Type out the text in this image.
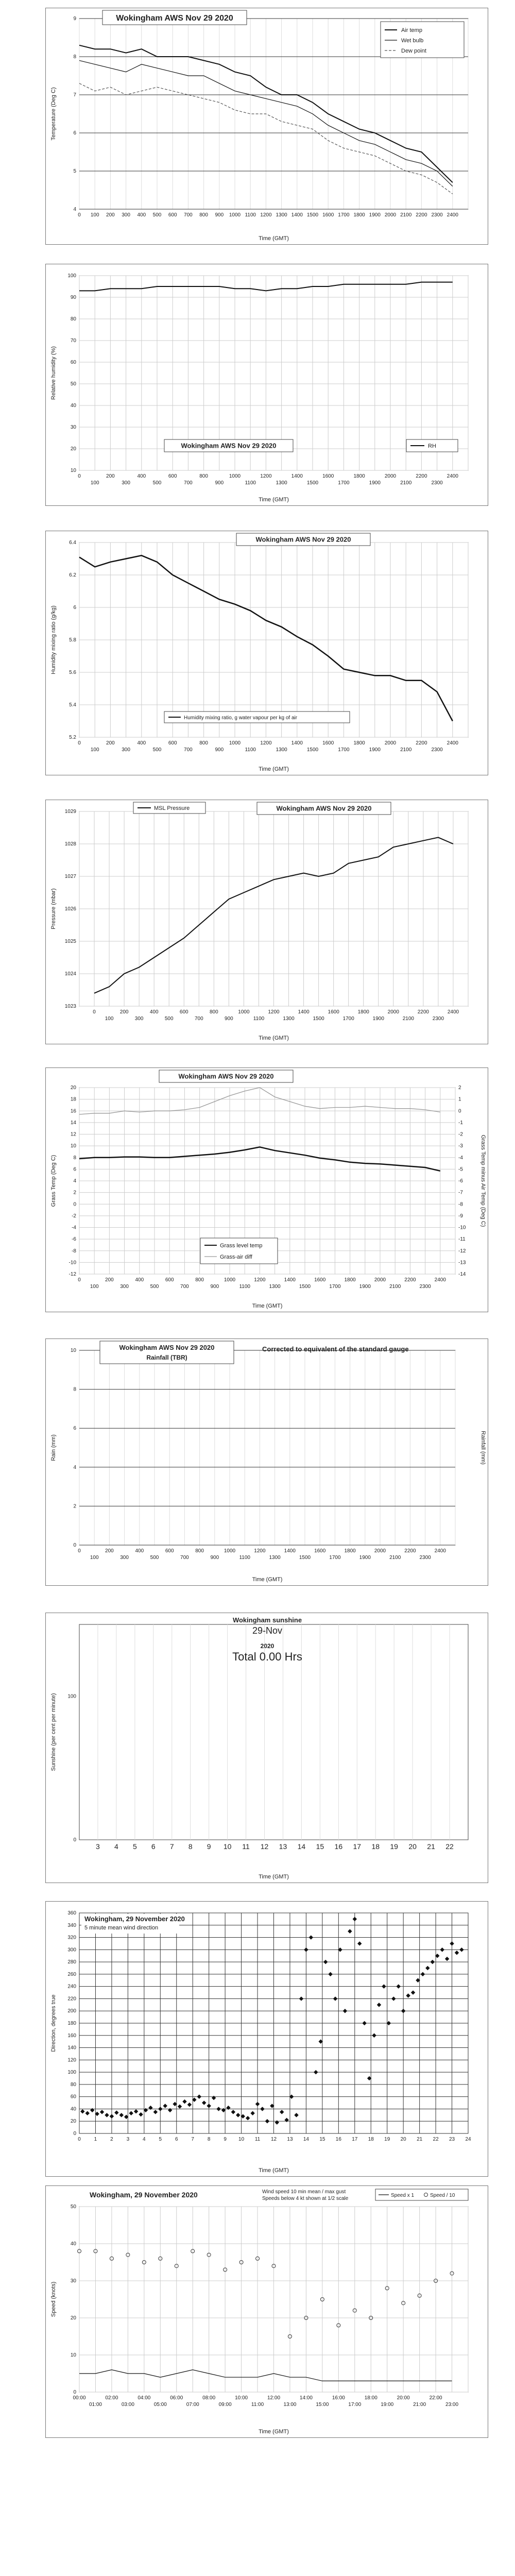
4
5
6
7
8
9
0 100 200 300 400 500 600 700 800 900 1000 1100 1200 1300 1400 1500 1600 1700 1800 1900 2000 2100 2200 2300 2400
Wokingham AWS Nov 29 2020
Air temp
Wet bulb
Dew point
Time (GMT)
Temperature (Deg C)
10
20
30
40
50
60
70
80
90
100
0	200	400	600	800	1000	1200	1400	1600	1800	2000	2200	2400
100	300	500	700	900	1100	1300	1500	1700	1900	2100	2300
Wokingham AWS Nov 29 2020	RH
Time (GMT)
Relative humidity (%)
5.2
5.4
5.6
5.8
6
6.2
6.4
0	200	400	600	800	1000	1200	1400	1600	1800	2000	2200	2400
100	300	500	700	900	1100	1300	1500	1700	1900	2100	2300
Wokingham AWS Nov 29 2020
Humidity mixing ratio, g water vapour per kg of air
Time (GMT)
Humidity mixing ratio (g/kg)
1023
1024
1025
1026
1027
1028
1029
0	200	400	600	800	1000	1200	1400	1600	1800	2000	2200	2400
100	300	500	700	900	1100	1300	1500	1700	1900	2100	2300
MSL Pressure	Wokingham AWS Nov 29 2020
Time (GMT)
Pressure (mbar)
-12
-10
-8
-6
-4
-2
0
2
4
6
8
10
12
14
16
18
20
-14
-13
-12
-11
-10
-9
-8
-7
-6
-5
-4
-3
-2
-1
0
1
2
0	200	400	600	800	1000	1200	1400	1600	1800	2000	2200	2400
100	300	500	700	900	1100	1300	1500	1700	1900	2100	2300
Wokingham AWS Nov 29 2020
Grass level temp
Grass-air diff
Time (GMT)
Grass Temp (Deg C)	Grass Temp minus Air Temp (Deg C)
0
2
4
6
8
10
0	200	400	600	800	1000	1200	1400	1600	1800	2000	2200	2400
100	300	500	700	900	1100	1300	1500	1700	1900	2100	2300
Wokingham AWS Nov 29 2020
Rainfall (TBR)
Corrected to equivalent of the standard gauge
Time (GMT)
Rain (mm)	Rainfall (mm)
3 4 5 6 7 8 9 10 11 12 13 14 15 16 17 18 19 20 21 22
0
100
Wokingham sunshine
29-Nov
2020
Total 0.00 Hrs
Time (GMT)
Sunshine (per cent per minute)
0
20
40
60
80
100
120
140
160
180
200
220
240
260
280
300
320
340
360
0	1	2	3	4	5	6	7	8	9 10 11 12 13 14 15 16 17 18 19 20 21 22 23 24
Wokingham, 29 November 2020
5 minute mean wind direction
Time (GMT)
Direction, degrees true
0
10
20
30
40
50
00:00	02:00	04:00	06:00	08:00	10:00	12:00	14:00	16:00	18:00	20:00	22:00
01:00	03:00	05:00	07:00	09:00	11:00	13:00	15:00	17:00	19:00	21:00	23:00
Wokingham, 29 November 2020	Wind speed 10 min mean / max gust
Speeds below 4 kt shown at 1/2 scale
Speed x 1	Speed / 10
Time (GMT)
Speed (knots)
